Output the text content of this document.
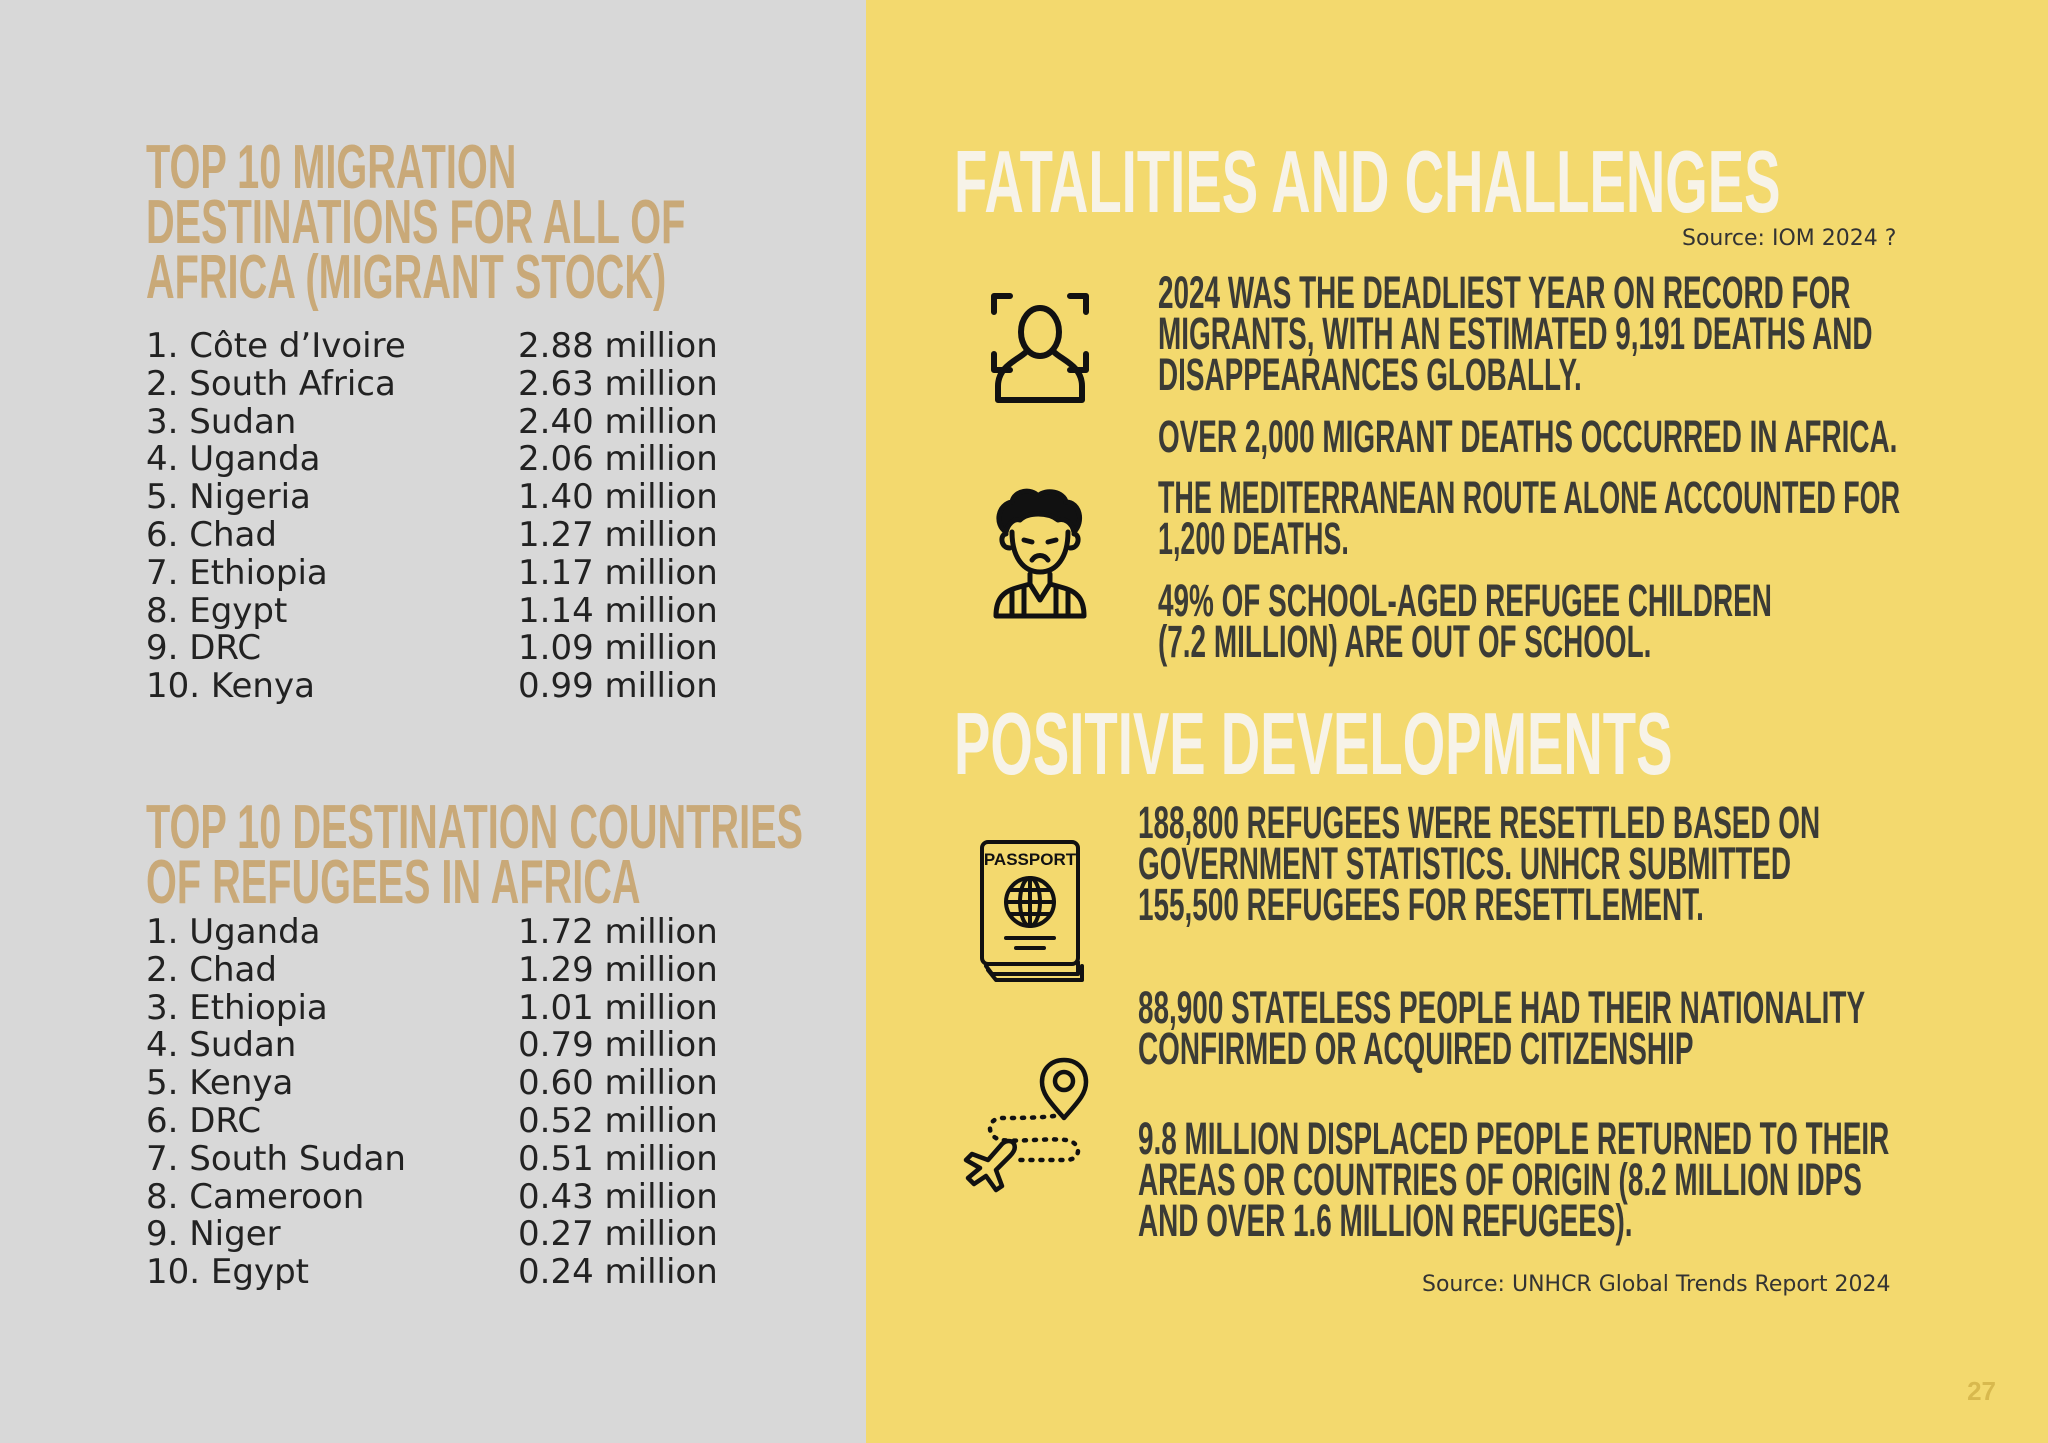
TOP 10 MIGRATION
DESTINATIONS FOR ALL OF
AFRICA (MIGRANT STOCK)
1. Côte d’Ivoire	2.88 million
2. South Africa	2.63 million
3. Sudan	2.40 million
4. Uganda	2.06 million
5. Nigeria	1.40 million
6. Chad	1.27 million
7. Ethiopia	1.17 million
8. Egypt	1.14 million
9. DRC	1.09 million
10. Kenya	0.99 million
TOP 10 DESTINATION COUNTRIES
OF REFUGEES IN AFRICA
1. Uganda	1.72 million
2. Chad	1.29 million
3. Ethiopia	1.01 million
4. Sudan	0.79 million
5. Kenya	0.60 million
6. DRC	0.52 million
7. South Sudan	0.51 million
8. Cameroon	0.43 million
9. Niger	0.27 million
10. Egypt	0.24 million
FATALITIES AND CHALLENGES
Source: IOM 2024 ?
2024 WAS THE DEADLIEST YEAR ON RECORD FOR
MIGRANTS, WITH AN ESTIMATED 9,191 DEATHS AND
DISAPPEARANCES GLOBALLY.
OVER 2,000 MIGRANT DEATHS OCCURRED IN AFRICA.
THE MEDITERRANEAN ROUTE ALONE ACCOUNTED FOR
1,200 DEATHS.
49% OF SCHOOL-AGED REFUGEE CHILDREN
(7.2 MILLION) ARE OUT OF SCHOOL.
POSITIVE DEVELOPMENTS
188,800 REFUGEES WERE RESETTLED BASED ON
GOVERNMENT STATISTICS. UNHCR SUBMITTED
155,500 REFUGEES FOR RESETTLEMENT.
88,900 STATELESS PEOPLE HAD THEIR NATIONALITY
CONFIRMED OR ACQUIRED CITIZENSHIP
9.8 MILLION DISPLACED PEOPLE RETURNED TO THEIR
AREAS OR COUNTRIES OF ORIGIN (8.2 MILLION IDPS
AND OVER 1.6 MILLION REFUGEES).
PASSPORT
Source: UNHCR Global Trends Report 2024
27
